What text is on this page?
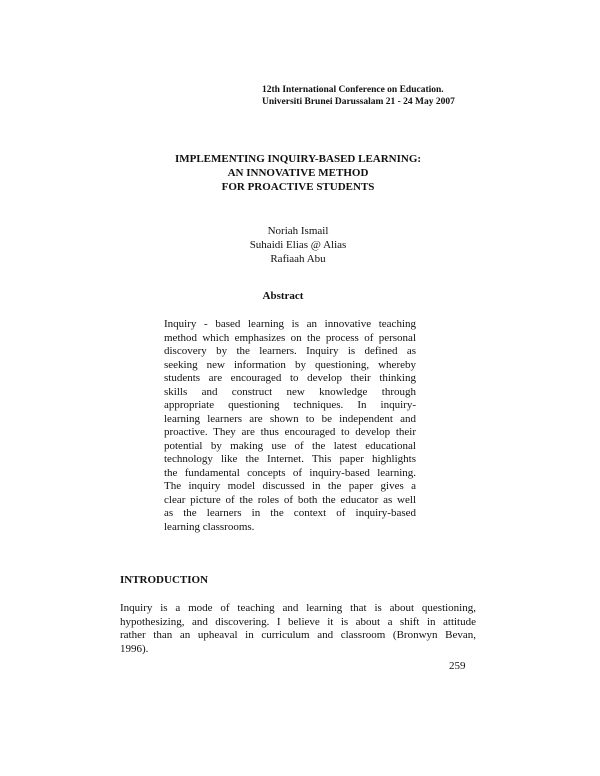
12th International Conference on Education.
Universiti Brunei Darussalam 21 - 24 May 2007
IMPLEMENTING INQUIRY-BASED LEARNING:
AN INNOVATIVE METHOD
FOR PROACTIVE STUDENTS
Noriah Ismail
Suhaidi Elias @ Alias
Rafiaah Abu
Abstract
Inquiry - based learning is an innovative teaching
method which emphasizes on the process of personal
discovery by the learners. Inquiry is defined as
seeking new information by questioning, whereby
students are encouraged to develop their thinking
skills and construct new knowledge through
appropriate questioning techniques. In inquiry-
learning learners are shown to be independent and
proactive. They are thus encouraged to develop their
potential by making use of the latest educational
technology like the Internet. This paper highlights
the fundamental concepts of inquiry-based learning.
The inquiry model discussed in the paper gives a
clear picture of the roles of both the educator as well
as the learners in the context of inquiry-based
learning classrooms.
INTRODUCTION
Inquiry is a mode of teaching and learning that is about questioning,
hypothesizing, and discovering. I believe it is about a shift in attitude
rather than an upheaval in curriculum and classroom (Bronwyn Bevan,
1996).
259
